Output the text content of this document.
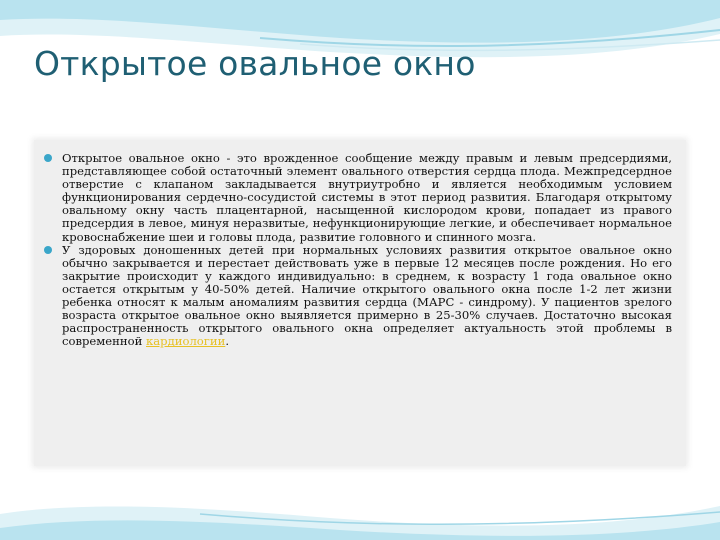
Открытое овальное окно
Открытое овальное окно - это врожденное сообщение между правым и левым предсердиями, представляющее собой остаточный элемент овального отверстия сердца плода. Межпредсердное отверстие с клапаном закладывается внутриутробно и является необходимым условием функционирования сердечно-сосудистой системы в этот период развития. Благодаря открытому овальному окну часть плацентарной, насыщенной кислородом крови, попадает из правого предсердия в левое, минуя неразвитые, нефункционирующие легкие, и обеспечивает нормальное кровоснабжение шеи и головы плода, развитие головного и спинного мозга.
У здоровых доношенных детей при нормальных условиях развития открытое овальное окно обычно закрывается и перестает действовать уже в первые 12 месяцев после рождения. Но его закрытие происходит у каждого индивидуально: в среднем, к возрасту 1 года овальное окно остается открытым у 40-50% детей. Наличие открытого овального окна после 1-2 лет жизни ребенка относят к малым аномалиям развития сердца (МАРС - синдрому). У пациентов зрелого возраста открытое овальное окно выявляется примерно в 25-30% случаев. Достаточно высокая распространенность открытого овального окна определяет актуальность этой проблемы в современной кардиологии.
